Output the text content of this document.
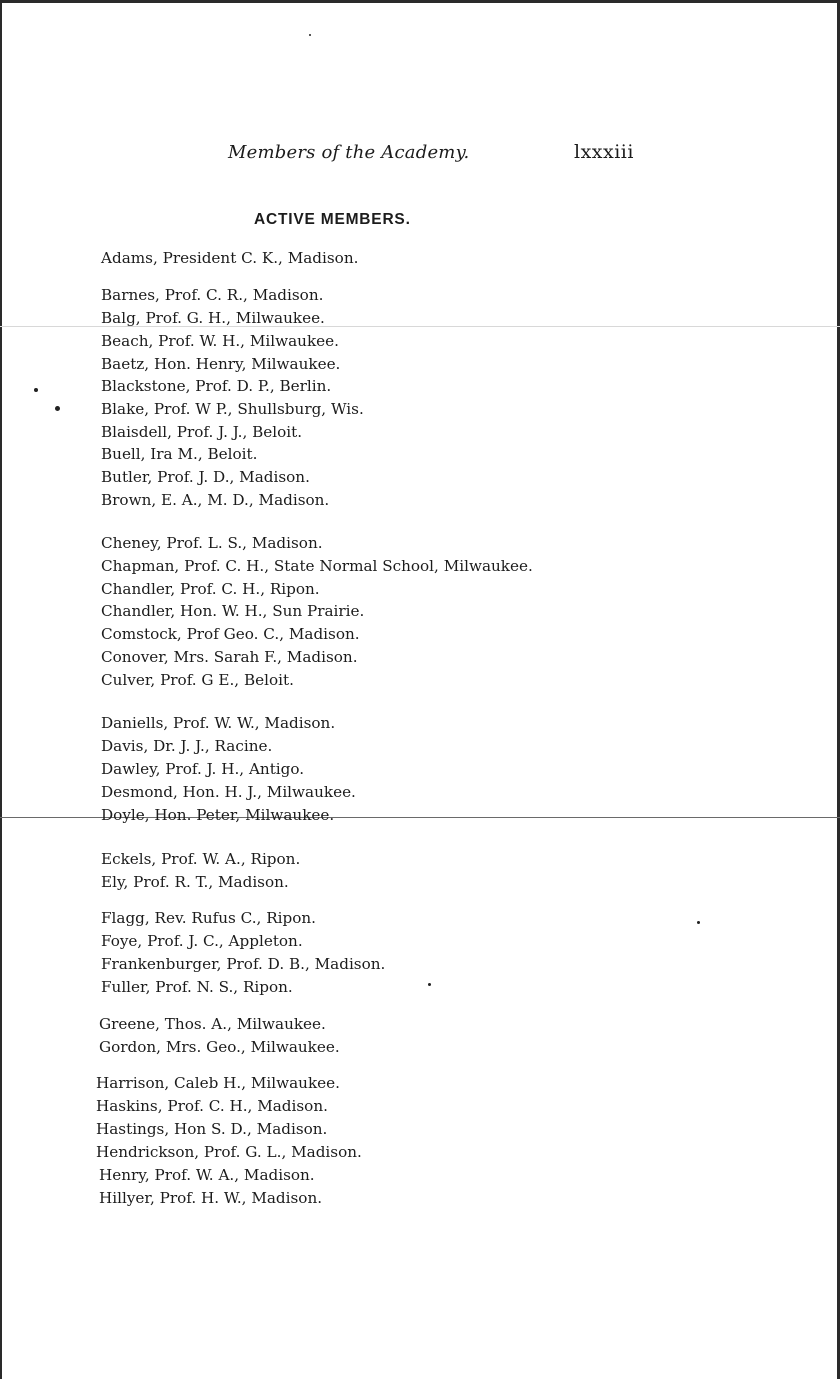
Members of the Academy.	lxxxiii
ACTIVE MEMBERS.
Adams, President C. K., Madison.
Barnes, Prof. C. R., Madison.
Balg, Prof. G. H., Milwaukee.
Beach, Prof. W. H., Milwaukee.
Baetz, Hon. Henry, Milwaukee.
Blackstone, Prof. D. P., Berlin.
Blake, Prof. W P., Shullsburg, Wis.
Blaisdell, Prof. J. J., Beloit.
Buell, Ira M., Beloit.
Butler, Prof. J. D., Madison.
Brown, E. A., M. D., Madison.
Cheney, Prof. L. S., Madison.
Chapman, Prof. C. H., State Normal School, Milwaukee.
Chandler, Prof. C. H., Ripon.
Chandler, Hon. W. H., Sun Prairie.
Comstock, Prof Geo. C., Madison.
Conover, Mrs. Sarah F., Madison.
Culver, Prof. G E., Beloit.
Daniells, Prof. W. W., Madison.
Davis, Dr. J. J., Racine.
Dawley, Prof. J. H., Antigo.
Desmond, Hon. H. J., Milwaukee.
Doyle, Hon. Peter, Milwaukee.
Eckels, Prof. W. A., Ripon.
Ely, Prof. R. T., Madison.
Flagg, Rev. Rufus C., Ripon.
Foye, Prof. J. C., Appleton.
Frankenburger, Prof. D. B., Madison.
Fuller, Prof. N. S., Ripon.
Greene, Thos. A., Milwaukee.
Gordon, Mrs. Geo., Milwaukee.
Harrison, Caleb H., Milwaukee.
Haskins, Prof. C. H., Madison.
Hastings, Hon S. D., Madison.
Hendrickson, Prof. G. L., Madison.
Henry, Prof. W. A., Madison.
Hillyer, Prof. H. W., Madison.
